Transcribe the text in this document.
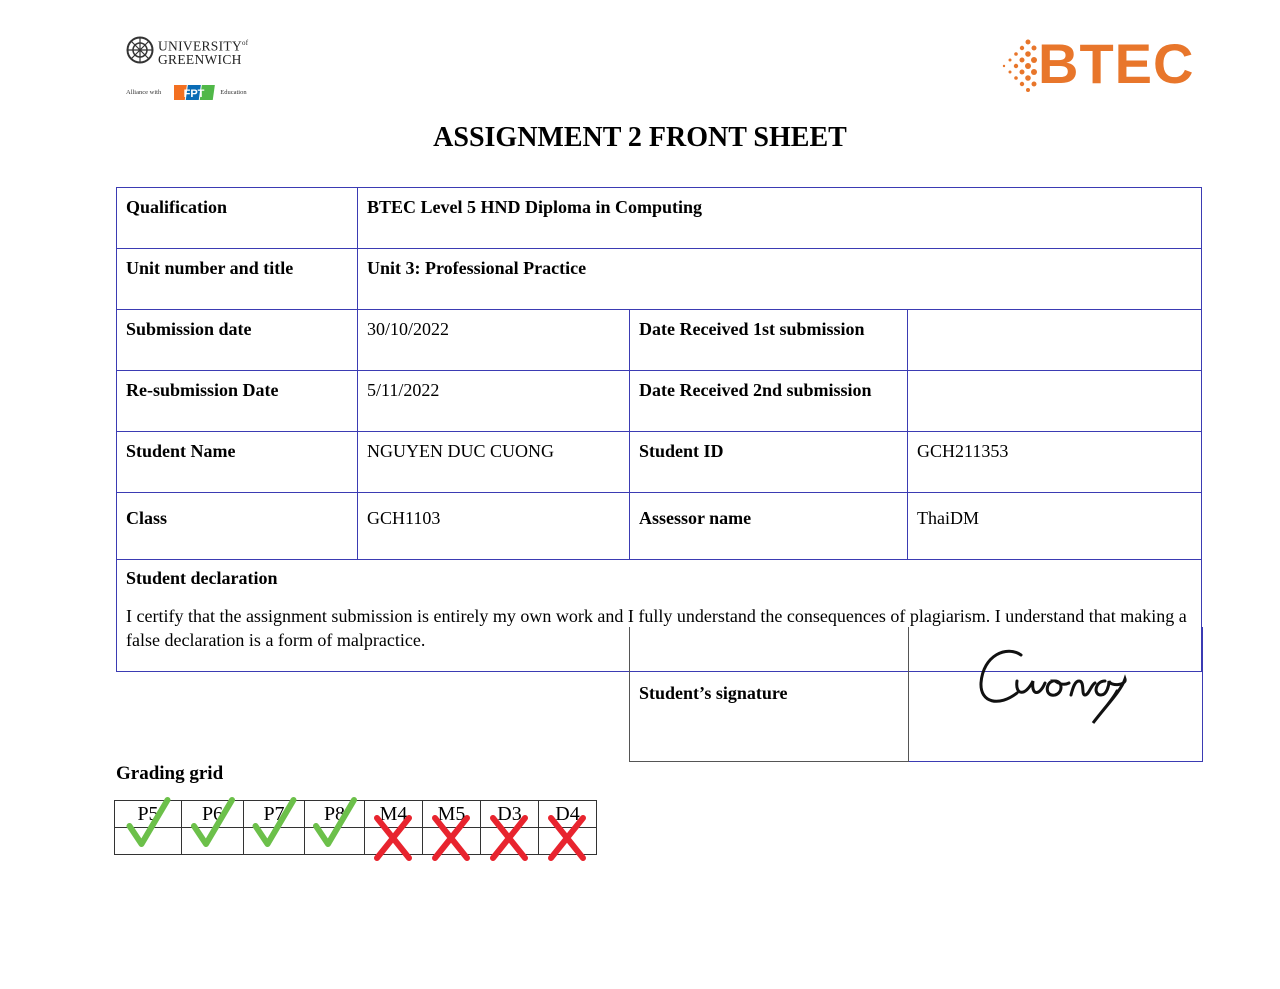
$UNIVERSITY^{of}$
GREENWICH
Alliance with FPT Education	BTEC
ASSIGNMENT 2 FRONT SHEET
Qualification	BTEC Level 5 HND Diploma in Computing		
Unit number and title	Unit 3: Professional Practice		
Submission date	30/10/2022	Date Received 1st submission	
Re-submission Date	5/11/2022	Date Received 2nd submission	
Student Name	NGUYEN DUC CUONG	Student ID	GCH211353
Class	GCH1103	Assessor name	ThaiDM

Student declaration
I certify that the assignment submission is entirely my own work and I fully understand the consequences of plagiarism. I understand that making a false declaration is a form of malpractice.			
Student’s signature	
Grading grid
P5	P6	P7	P8	M4	M5	D3	D4
